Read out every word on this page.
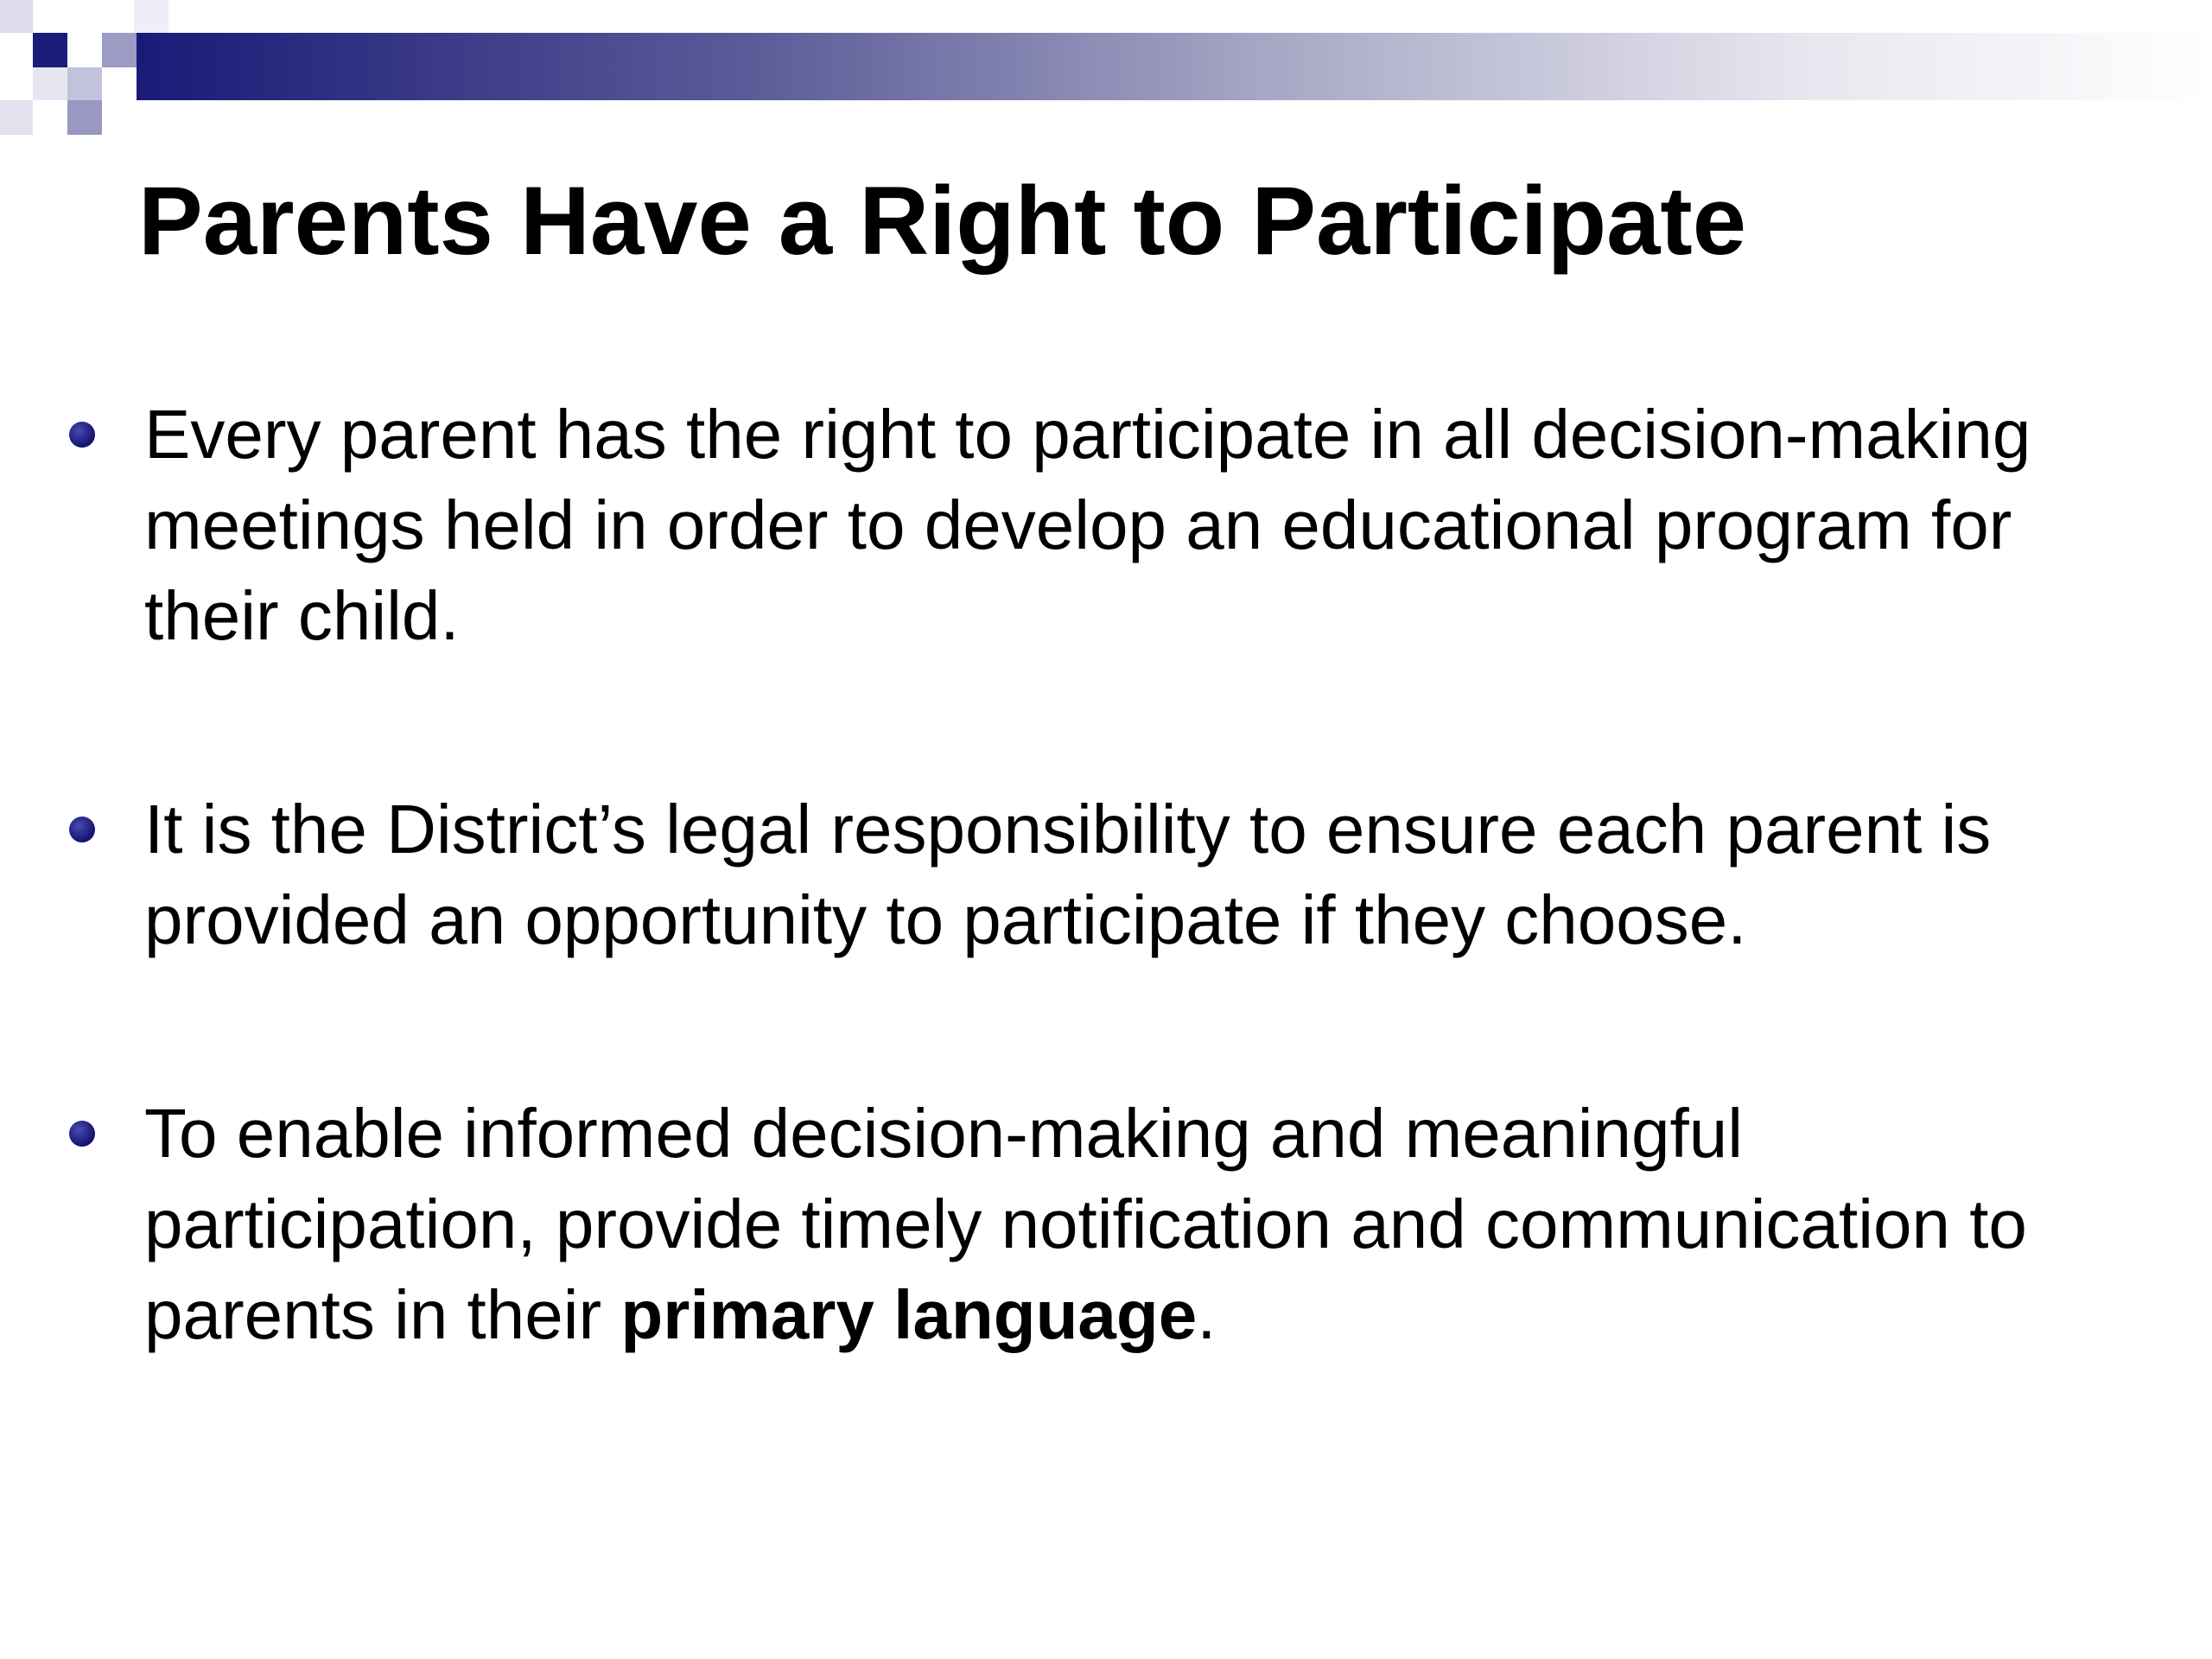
Parents Have a Right to Participate
Every parent has the right to participate in all decision-making meetings held in order to develop an educational program for their child.
It is the District’s legal responsibility to ensure each parent is provided an opportunity to participate if they choose.
To enable informed decision-making and meaningful participation, provide timely notification and communication to parents in their primary language.
